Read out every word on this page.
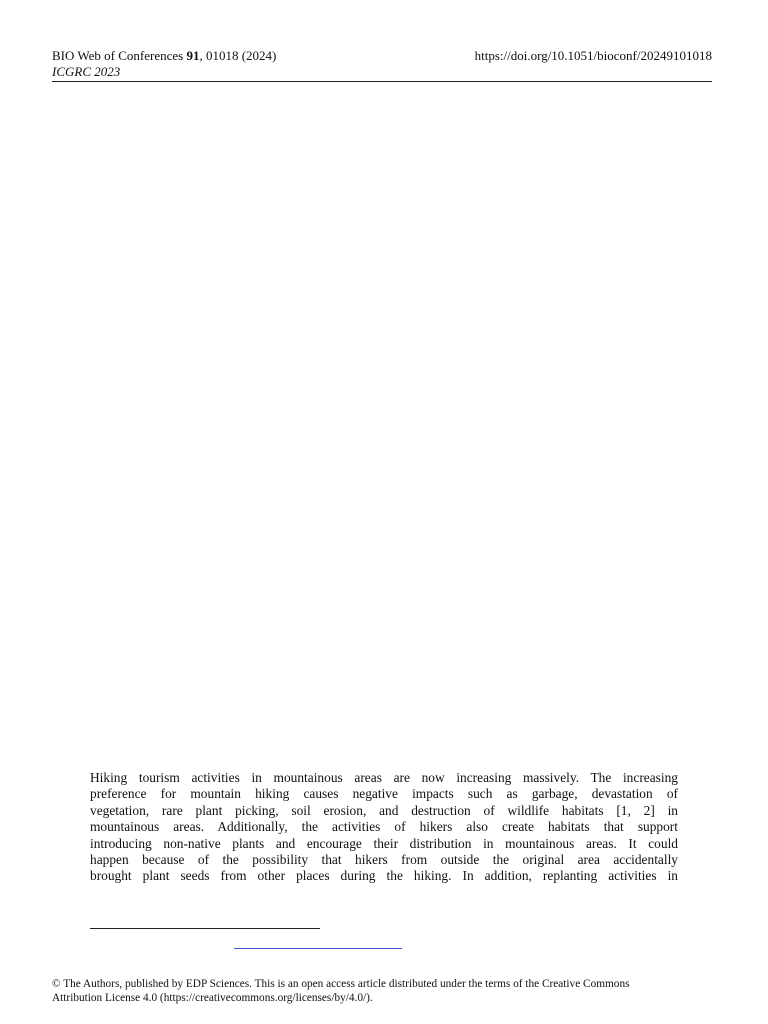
BIO Web of Conferences 91, 01018 (2024)
ICGRC 2023
https://doi.org/10.1051/bioconf/20249101018
Hiking tourism activities in mountainous areas are now increasing massively. The increasing
preference for mountain hiking causes negative impacts such as garbage, devastation of
vegetation, rare plant picking, soil erosion, and destruction of wildlife habitats [1, 2] in
mountainous areas. Additionally, the activities of hikers also create habitats that support
introducing non-native plants and encourage their distribution in mountainous areas. It could
happen because of the possibility that hikers from outside the original area accidentally
brought plant seeds from other places during the hiking. In addition, replanting activities in
© The Authors, published by EDP Sciences. This is an open access article distributed under the terms of the Creative Commons
Attribution License 4.0 (https://creativecommons.org/licenses/by/4.0/).
